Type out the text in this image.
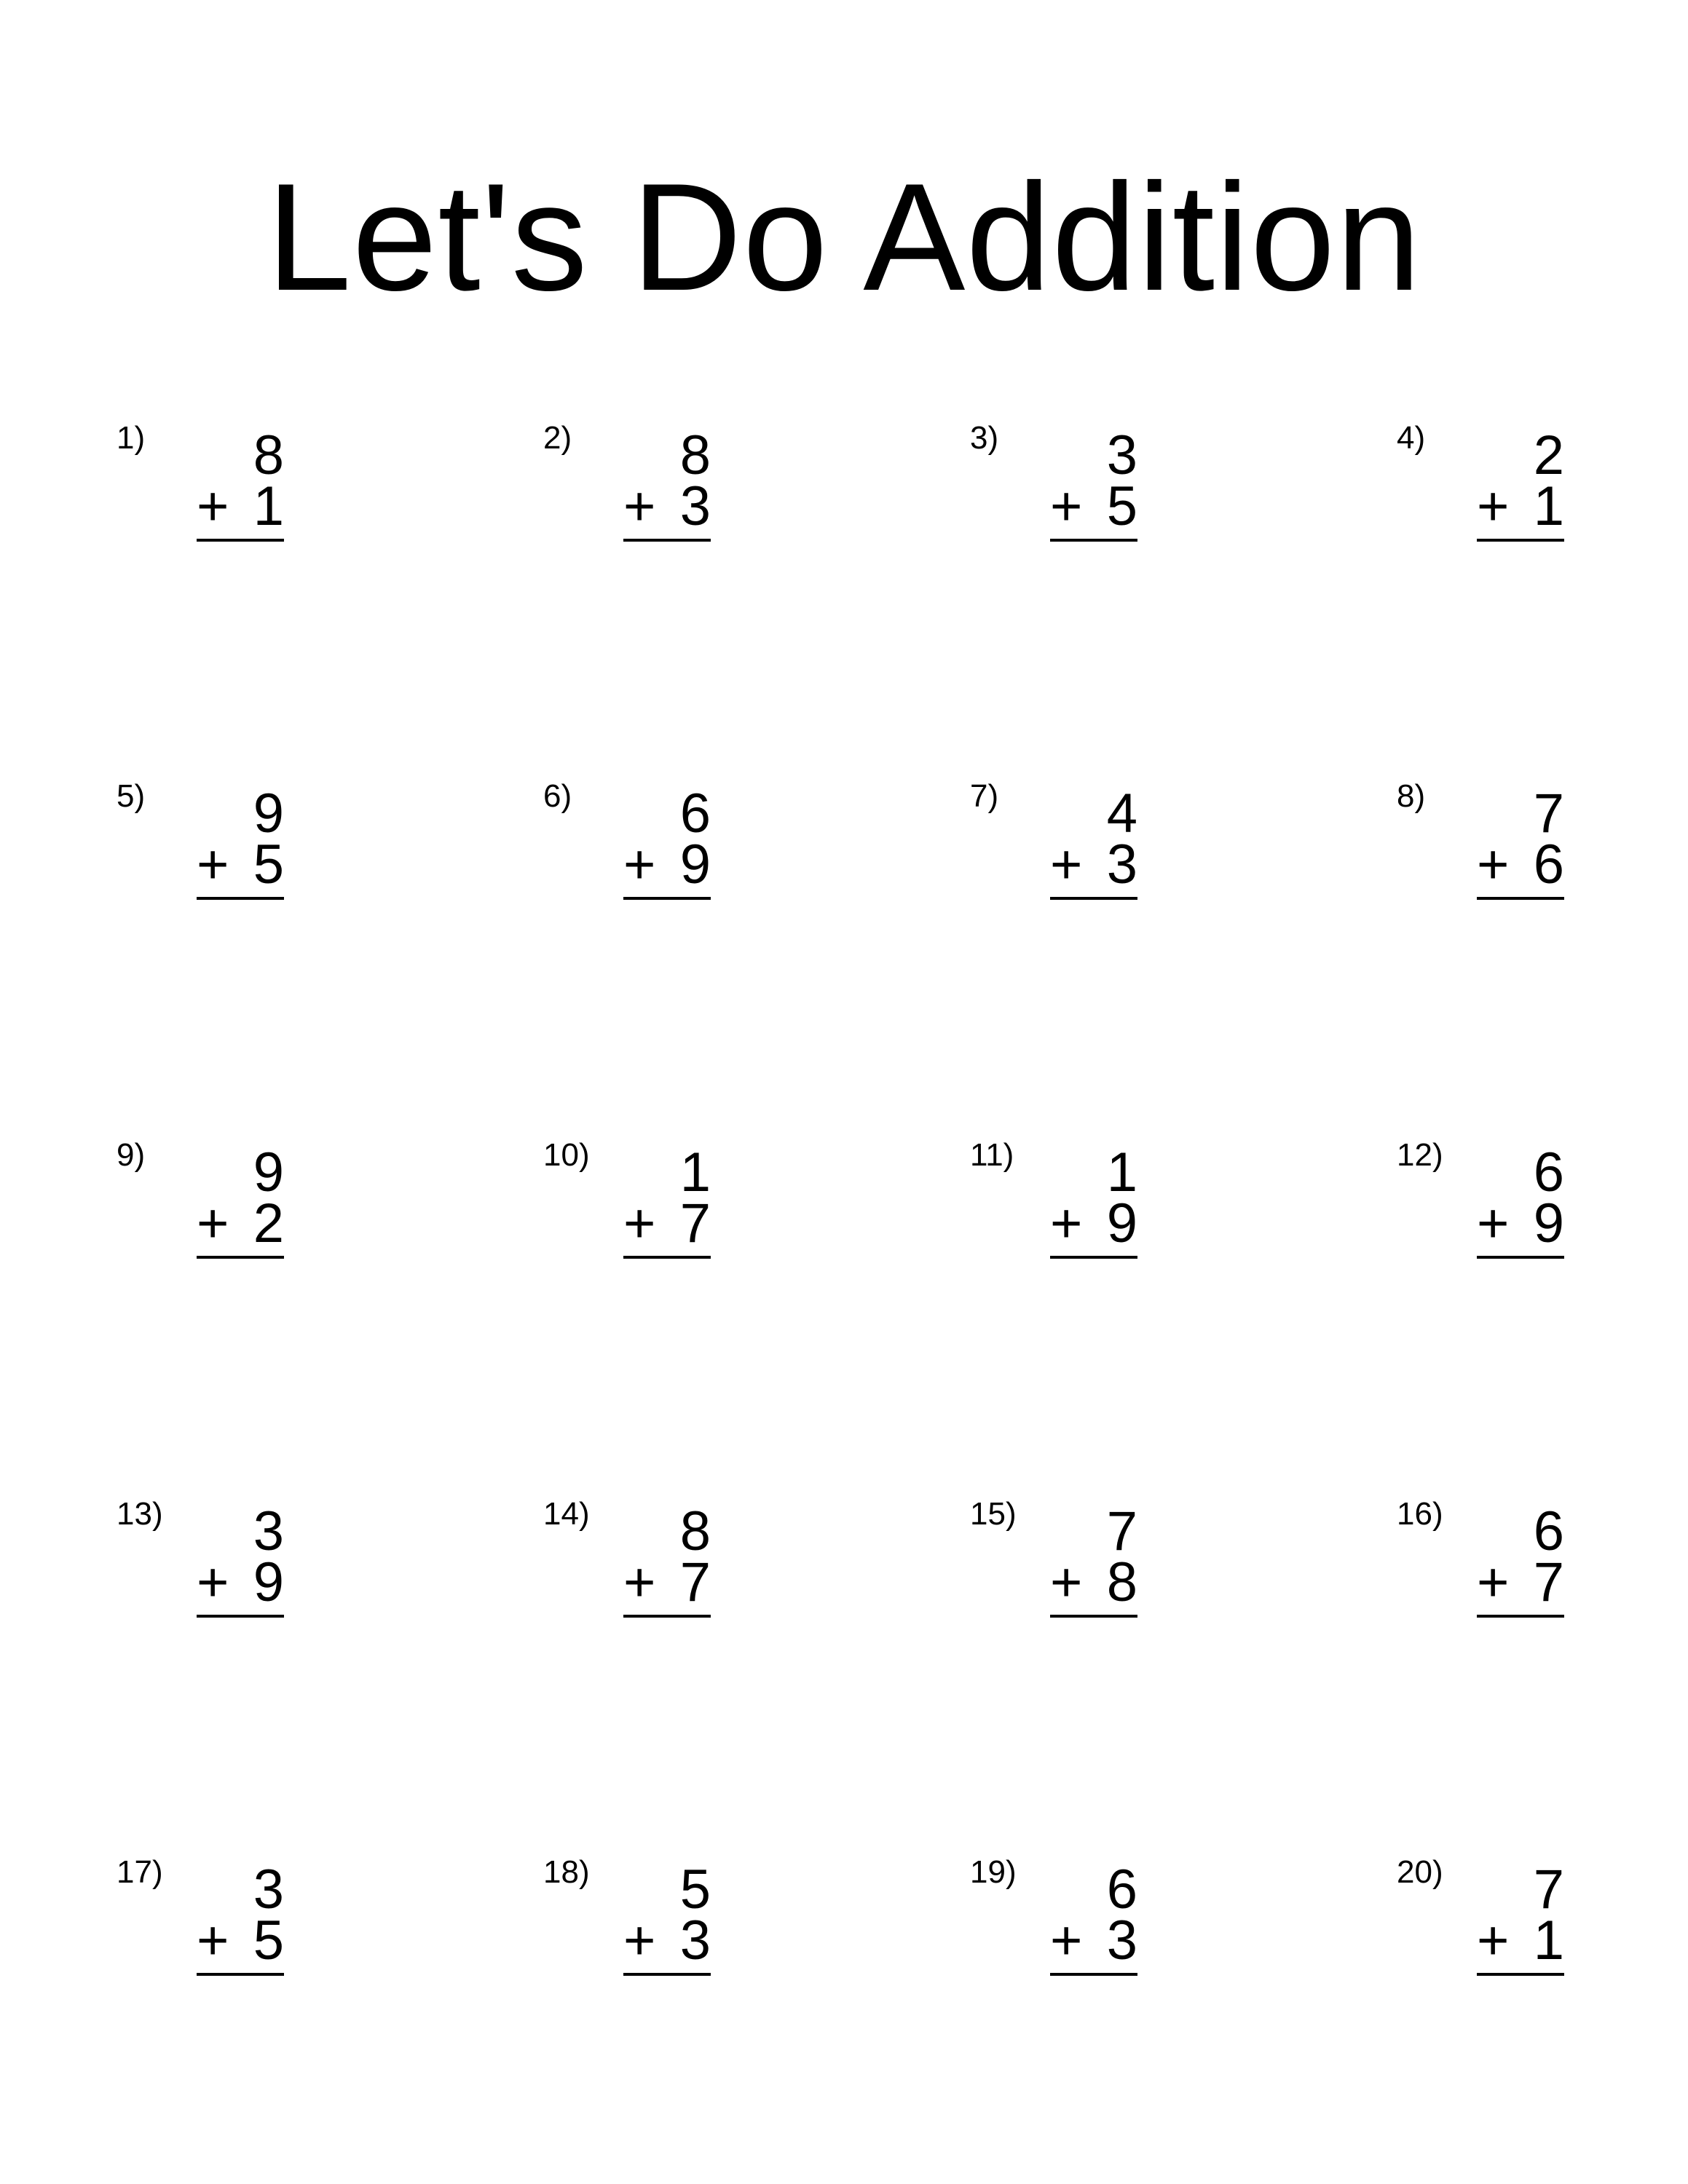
Let's Do Addition
1) 8
+ 1
2) 8
+ 3
3) 3
+ 5
4) 2
+ 1
5) 9
+ 5
6) 6
+ 9
7) 4
+ 3
8) 7
+ 6
9) 9
+ 2
10) 1
+ 7
11) 1
+ 9
12) 6
+ 9
13) 3
+ 9
14) 8
+ 7
15) 7
+ 8
16) 6
+ 7
17) 3
+ 5
18) 5
+ 3
19) 6
+ 3
20) 7
+ 1
